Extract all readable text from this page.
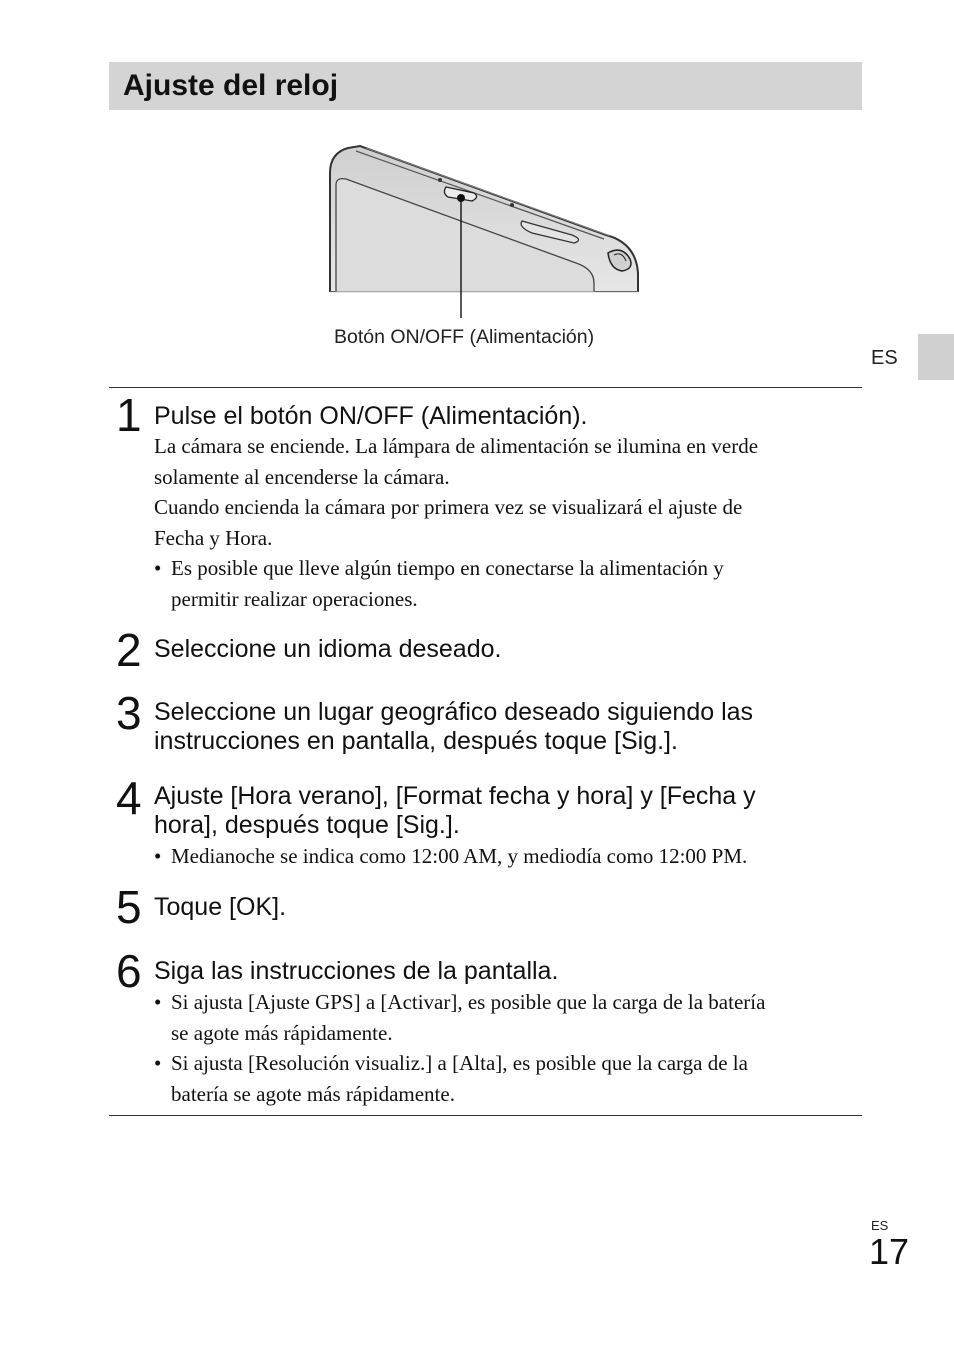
Ajuste del reloj
Botón ON/OFF (Alimentación)
ES
1 Pulse el botón ON/OFF (Alimentación).
La cámara se enciende. La lámpara de alimentación se ilumina en verde
solamente al encenderse la cámara.
Cuando encienda la cámara por primera vez se visualizará el ajuste de
Fecha y Hora.
• Es posible que lleve algún tiempo en conectarse la alimentación y
permitir realizar operaciones.
2 Seleccione un idioma deseado.
3 Seleccione un lugar geográfico deseado siguiendo las
instrucciones en pantalla, después toque [Sig.].
4 Ajuste [Hora verano], [Format fecha y hora] y [Fecha y
hora], después toque [Sig.].
• Medianoche se indica como 12:00 AM, y mediodía como 12:00 PM.
5 Toque [OK].
6 Siga las instrucciones de la pantalla.
• Si ajusta [Ajuste GPS] a [Activar], es posible que la carga de la batería
se agote más rápidamente.
• Si ajusta [Resolución visualiz.] a [Alta], es posible que la carga de la
batería se agote más rápidamente.
ES
17
